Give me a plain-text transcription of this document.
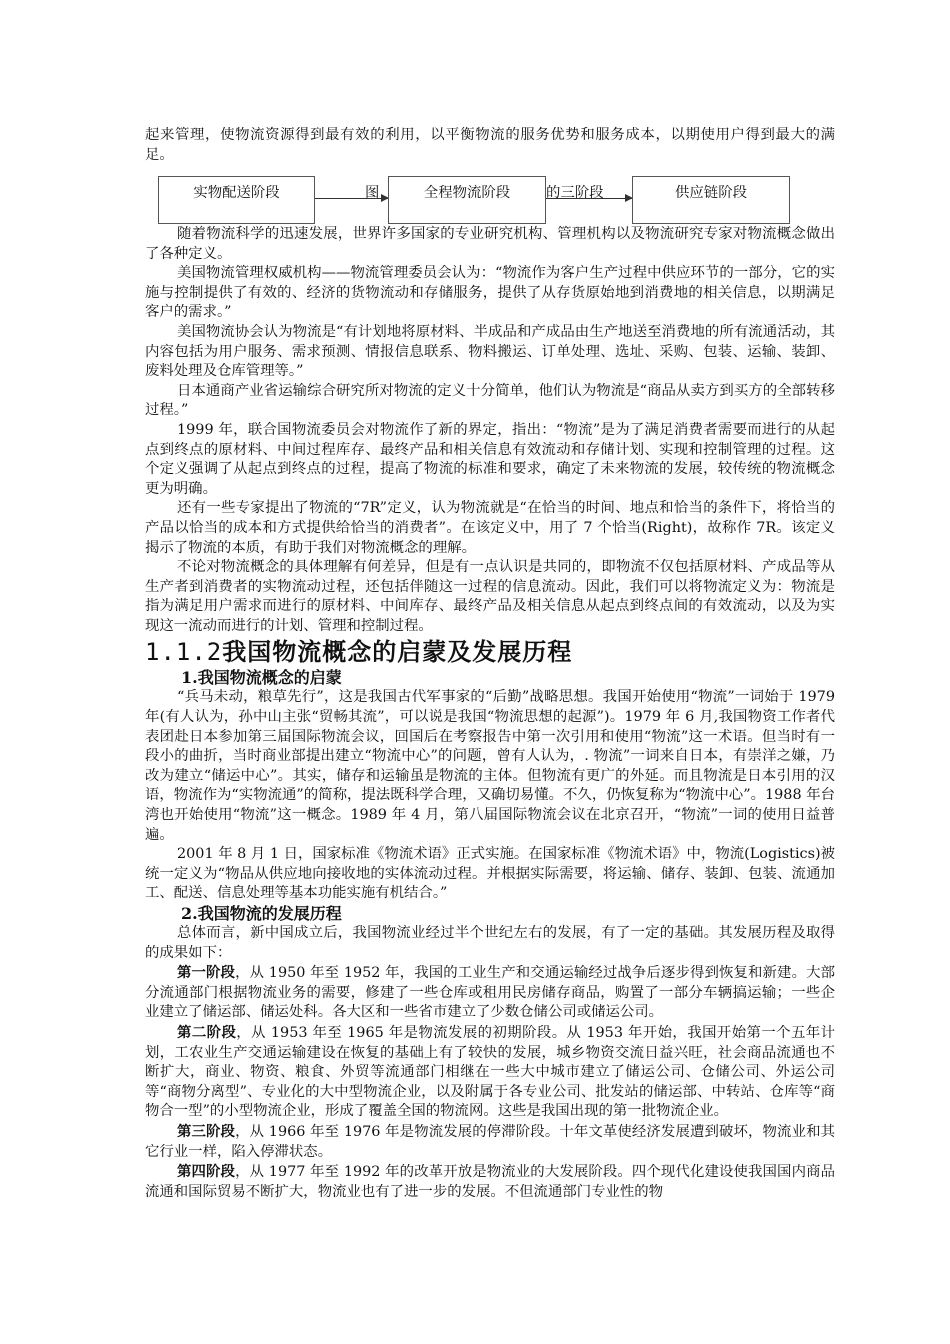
起来管理，使物流资源得到最有效的利用，以平衡物流的服务优势和服务成本，以期使用户得到最大的满足。

实物配送阶段	图	全程物流阶段	的三阶段	供应链阶段

随着物流科学的迅速发展，世界许多国家的专业研究机构、管理机构以及物流研究专家对物流概念做出了各种定义。

美国物流管理权威机构——物流管理委员会认为：“物流作为客户生产过程中供应环节的一部分，它的实施与控制提供了有效的、经济的货物流动和存储服务，提供了从存货原始地到消费地的相关信息，以期满足客户的需求。”

美国物流协会认为物流是“有计划地将原材料、半成品和产成品由生产地送至消费地的所有流通活动，其内容包括为用户服务、需求预测、情报信息联系、物料搬运、订单处理、选址、采购、包装、运输、装卸、废料处理及仓库管理等。”

日本通商产业省运输综合研究所对物流的定义十分简单，他们认为物流是“商品从卖方到买方的全部转移过程。”

1999 年，联合国物流委员会对物流作了新的界定，指出：“物流”是为了满足消费者需要而进行的从起点到终点的原材料、中间过程库存、最终产品和相关信息有效流动和存储计划、实现和控制管理的过程。这个定义强调了从起点到终点的过程，提高了物流的标准和要求，确定了未来物流的发展，较传统的物流概念更为明确。

还有一些专家提出了物流的“7R”定义，认为物流就是“在恰当的时间、地点和恰当的条件下，将恰当的产品以恰当的成本和方式提供给恰当的消费者”。在该定义中，用了 7 个恰当(Right)，故称作 7R。该定义揭示了物流的本质，有助于我们对物流概念的理解。

不论对物流概念的具体理解有何差异，但是有一点认识是共同的，即物流不仅包括原材料、产成品等从生产者到消费者的实物流动过程，还包括伴随这一过程的信息流动。因此，我们可以将物流定义为：物流是指为满足用户需求而进行的原材料、中间库存、最终产品及相关信息从起点到终点间的有效流动，以及为实现这一流动而进行的计划、管理和控制过程。

1.1.2我国物流概念的启蒙及发展历程

1.我国物流概念的启蒙

“兵马未动，粮草先行”，这是我国古代军事家的“后勤”战略思想。我国开始使用“物流”一词始于 1979 年(有人认为，孙中山主张“贸畅其流”，可以说是我国“物流思想的起源”)。1979 年 6 月,我国物资工作者代表团赴日本参加第三届国际物流会议，回国后在考察报告中第一次引用和使用“物流”这一术语。但当时有一段小的曲折，当时商业部提出建立“物流中心”的问题，曾有人认为，. 物流”一词来自日本，有崇洋之嫌，乃改为建立“储运中心”。其实，储存和运输虽是物流的主体。但物流有更广的外延。而且物流是日本引用的汉语，物流作为“实物流通”的简称，提法既科学合理，又确切易懂。不久，仍恢复称为“物流中心”。1988 年台湾也开始使用“物流”这一概念。1989 年 4 月，第八届国际物流会议在北京召开，“物流”一词的使用日益普遍。

2001 年 8 月 1 日，国家标准《物流术语》正式实施。在国家标准《物流术语》中，物流(Logistics)被统一定义为“物品从供应地向接收地的实体流动过程。并根据实际需要，将运输、储存、装卸、包装、流通加工、配送、信息处理等基本功能实施有机结合。”

2.我国物流的发展历程

总体而言，新中国成立后，我国物流业经过半个世纪左右的发展，有了一定的基础。其发展历程及取得的成果如下：

第一阶段，从 1950 年至 1952 年，我国的工业生产和交通运输经过战争后逐步得到恢复和新建。大部分流通部门根据物流业务的需要，修建了一些仓库或租用民房储存商品，购置了一部分车辆搞运输；一些企业建立了储运部、储运处科。各大区和一些省市建立了少数仓储公司或储运公司。

第二阶段，从 1953 年至 1965 年是物流发展的初期阶段。从 1953 年开始，我国开始第一个五年计划，工农业生产交通运输建设在恢复的基础上有了较快的发展，城乡物资交流日益兴旺，社会商品流通也不断扩大，商业、物资、粮食、外贸等流通部门相继在一些大中城市建立了储运公司、仓储公司、外运公司等“商物分离型”、专业化的大中型物流企业，以及附属于各专业公司、批发站的储运部、中转站、仓库等“商物合一型”的小型物流企业，形成了覆盖全国的物流网。这些是我国出现的第一批物流企业。

第三阶段，从 1966 年至 1976 年是物流发展的停滞阶段。十年文革使经济发展遭到破坏，物流业和其它行业一样，陷入停滞状态。

第四阶段，从 1977 年至 1992 年的改革开放是物流业的大发展阶段。四个现代化建设使我国国内商品流通和国际贸易不断扩大，物流业也有了进一步的发展。不但流通部门专业性的物
